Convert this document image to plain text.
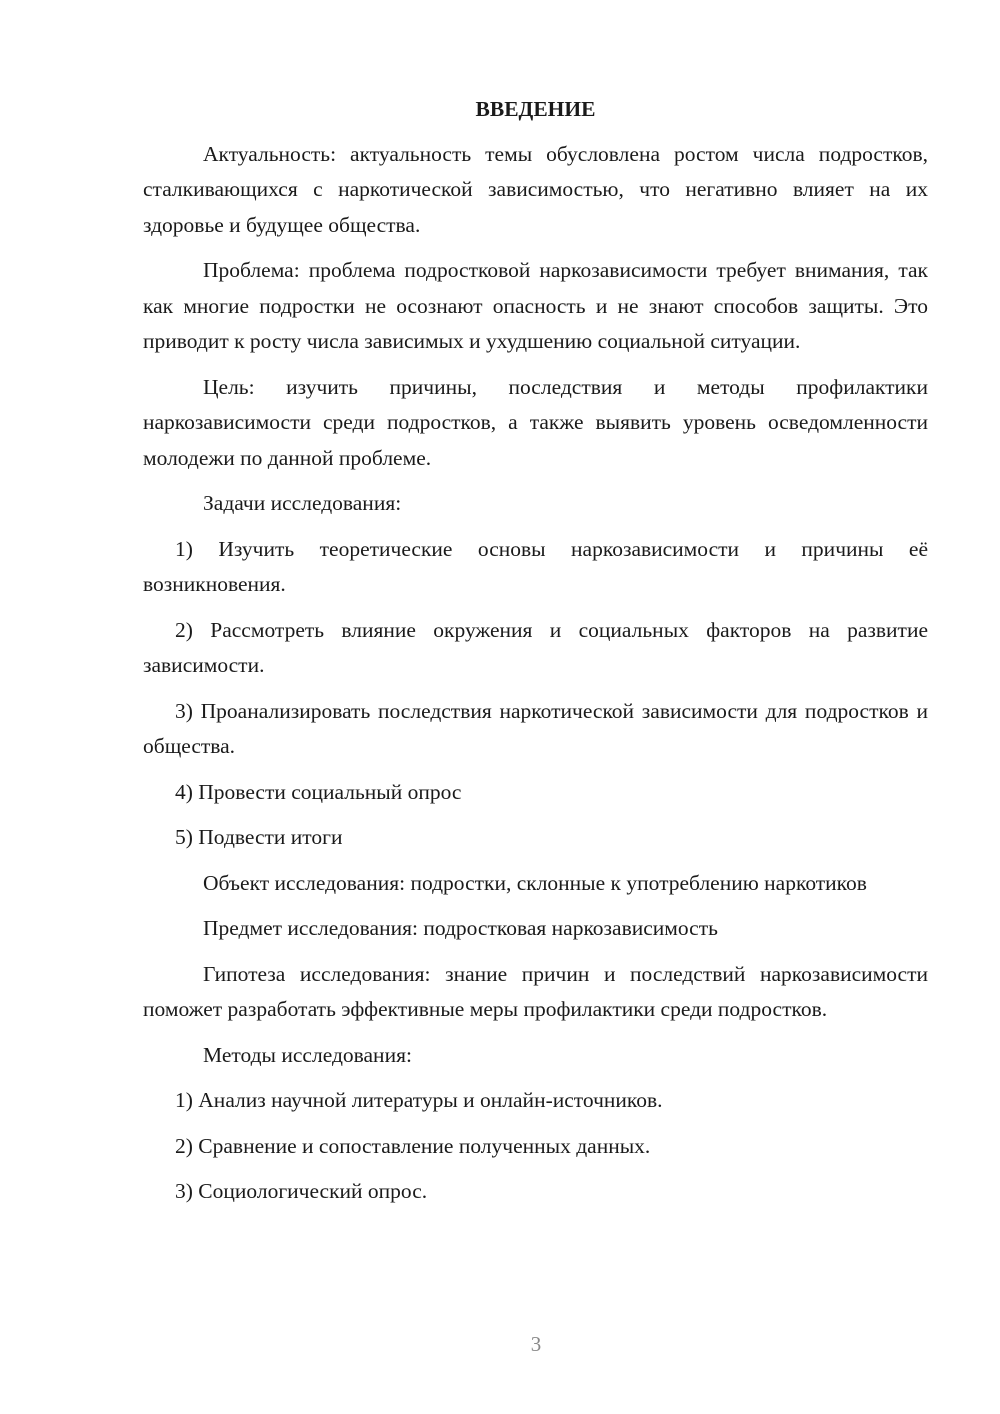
ВВЕДЕНИЕ

Актуальность: актуальность темы обусловлена ростом числа подростков, сталкивающихся с наркотической зависимостью, что негативно влияет на их здоровье и будущее общества.

Проблема: проблема подростковой наркозависимости требует внимания, так как многие подростки не осознают опасность и не знают способов защиты. Это приводит к росту числа зависимых и ухудшению социальной ситуации.

Цель: изучить причины, последствия и методы профилактики наркозависимости среди подростков, а также выявить уровень осведомленности молодежи по данной проблеме.

Задачи исследования:

1) Изучить теоретические основы наркозависимости и причины её возникновения.

2) Рассмотреть влияние окружения и социальных факторов на развитие зависимости.

3) Проанализировать последствия наркотической зависимости для подростков и общества.

4) Провести социальный опрос

5) Подвести итоги

Объект исследования: подростки, склонные к употреблению наркотиков

Предмет исследования: подростковая наркозависимость

Гипотеза исследования: знание причин и последствий наркозависимости поможет разработать эффективные меры профилактики среди подростков.

Методы исследования:

1) Анализ научной литературы и онлайн-источников.

2) Сравнение и сопоставление полученных данных.

3) Социологический опрос.

3
